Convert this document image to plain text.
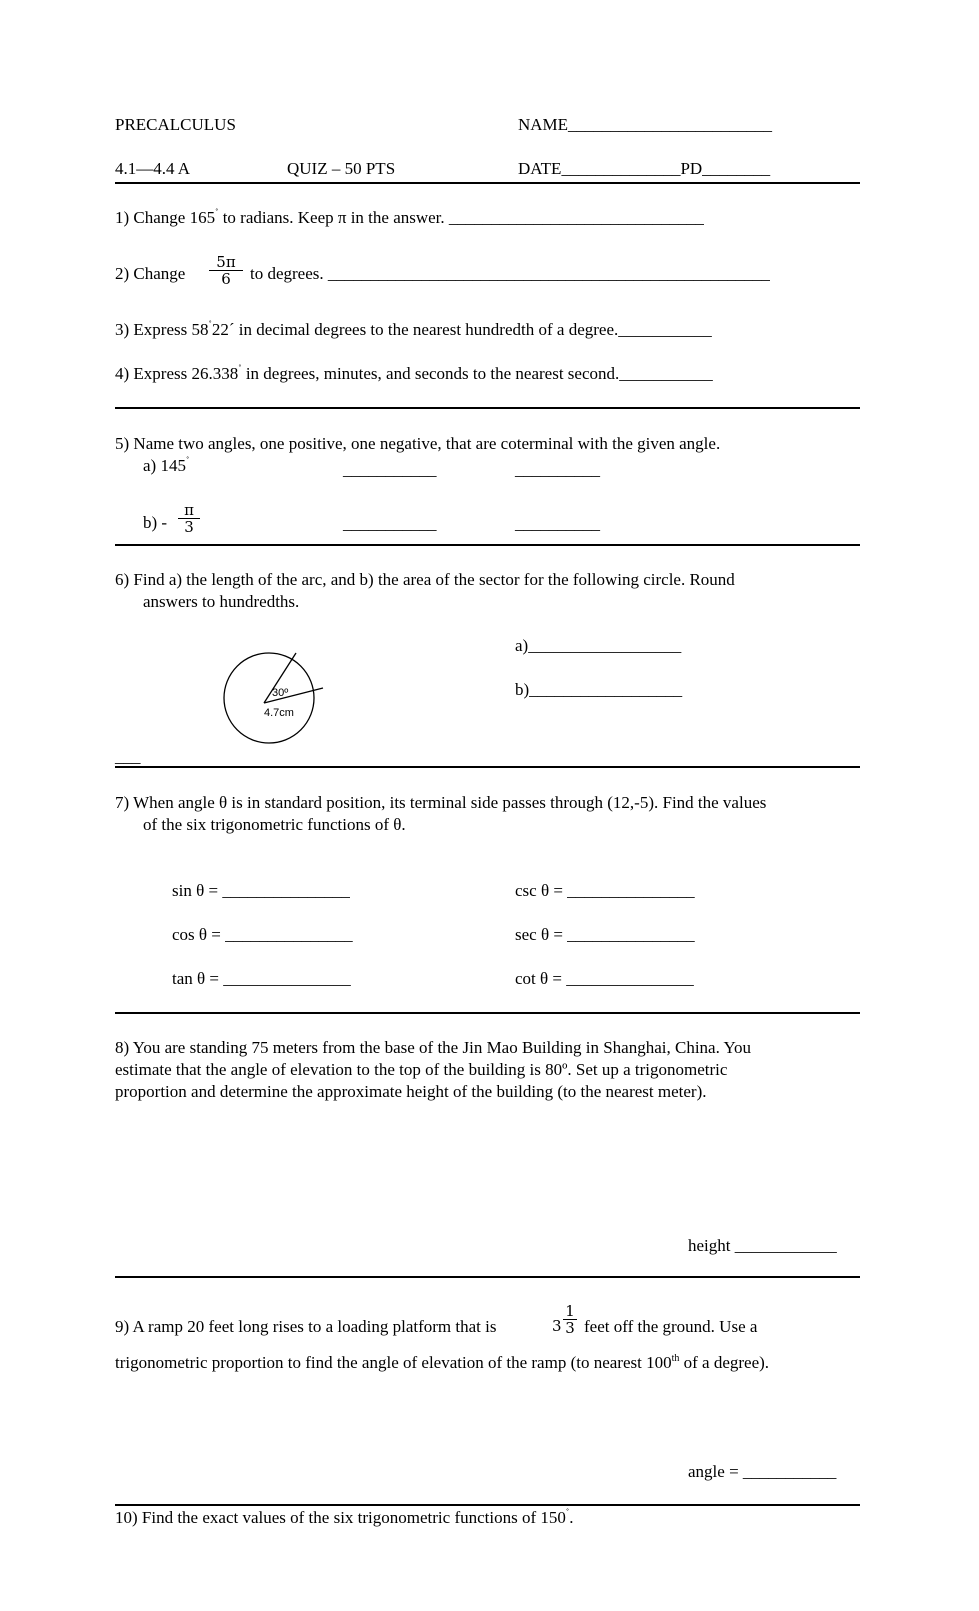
PRECALCULUS	NAME________________________
4.1—4.4 A	QUIZ – 50 PTS	DATE______________PD________
1) Change 165˚ to radians. Keep π in the answer. ______________________________
2) Change $\frac{5\pi}{6}$ to degrees. ____________________________________________________
3) Express 58˚22´ in decimal degrees to the nearest hundredth of a degree.___________
4) Express 26.338˚ in degrees, minutes, and seconds to the nearest second.___________
5) Name two angles, one positive, one negative, that are coterminal with the given angle.
a) 145˚	___________	__________
$b) - \frac{\pi}{3}$	___________	__________
6) Find a) the length of the arc, and b) the area of the sector for the following circle. Round
answers to hundredths.
a)__________________
b)__________________
30º
4.7cm
___
7) When angle θ is in standard position, its terminal side passes through (12,-5). Find the values
of the six trigonometric functions of θ.
sin θ = _______________	csc θ = _______________
cos θ = _______________	sec θ = _______________
tan θ = _______________	cot θ = _______________
8) You are standing 75 meters from the base of the Jin Mao Building in Shanghai, China. You
estimate that the angle of elevation to the top of the building is 80º. Set up a trigonometric
proportion and determine the approximate height of the building (to the nearest meter).
height ____________
9) A ramp 20 feet long rises to a loading platform that is	$3 \frac{1}{3}$ feet off the ground. Use a
trigonometric proportion to find the angle of elevation of the ramp (to nearest 100th of a degree).
angle = ___________
10) Find the exact values of the six trigonometric functions of 150˚.
